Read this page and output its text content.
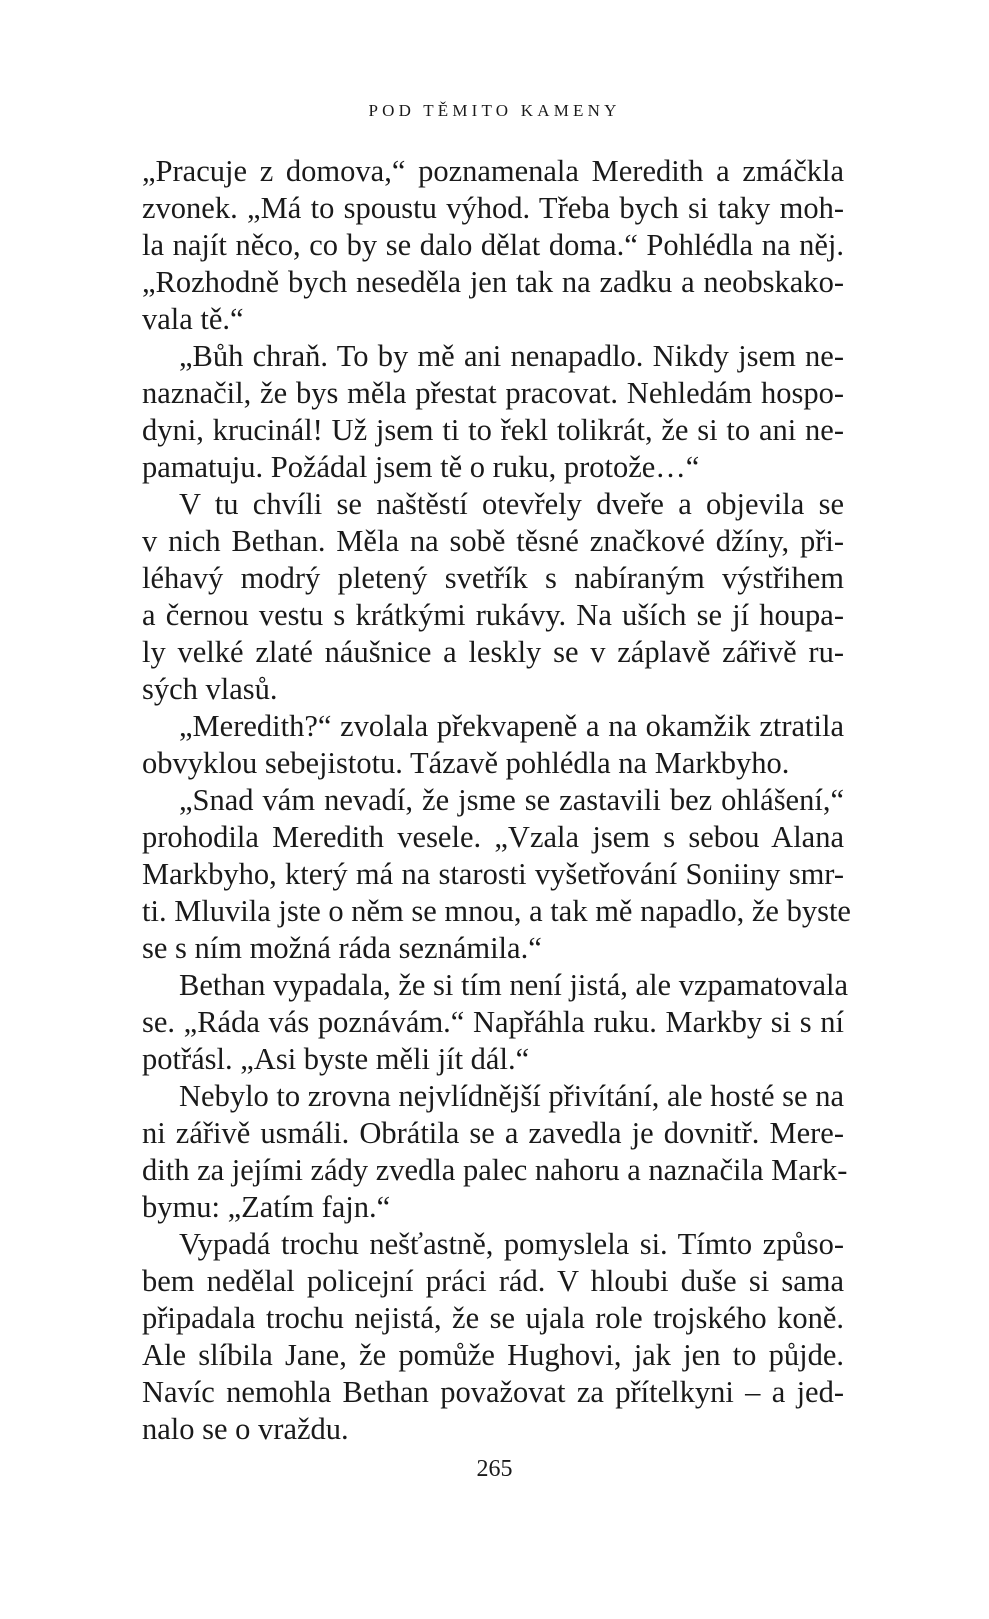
POD TĚMITO KAMENY
„Pracuje z domova,“ poznamenala Meredith a zmáčkla
zvonek. „Má to spoustu výhod. Třeba bych si taky moh-
la najít něco, co by se dalo dělat doma.“ Pohlédla na něj.
„Rozhodně bych neseděla jen tak na zadku a neobskako-
vala tě.“
„Bůh chraň. To by mě ani nenapadlo. Nikdy jsem ne-
naznačil, že bys měla přestat pracovat. Nehledám hospo-
dyni, krucinál! Už jsem ti to řekl tolikrát, že si to ani ne-
pamatuju. Požádal jsem tě o ruku, protože…“
V tu chvíli se naštěstí otevřely dveře a objevila se
v nich Bethan. Měla na sobě těsné značkové džíny, při-
léhavý modrý pletený svetřík s nabíraným výstřihem
a černou vestu s krátkými rukávy. Na uších se jí houpa-
ly velké zlaté náušnice a leskly se v záplavě zářivě ru-
sých vlasů.
„Meredith?“ zvolala překvapeně a na okamžik ztratila
obvyklou sebejistotu. Tázavě pohlédla na Markbyho.
„Snad vám nevadí, že jsme se zastavili bez ohlášení,“
prohodila Meredith vesele. „Vzala jsem s sebou Alana
Markbyho, který má na starosti vyšetřování Soniiny smr-
ti. Mluvila jste o něm se mnou, a tak mě napadlo, že byste
se s ním možná ráda seznámila.“
Bethan vypadala, že si tím není jistá, ale vzpamatovala
se. „Ráda vás poznávám.“ Napřáhla ruku. Markby si s ní
potřásl. „Asi byste měli jít dál.“
Nebylo to zrovna nejvlídnější přivítání, ale hosté se na
ni zářivě usmáli. Obrátila se a zavedla je dovnitř. Mere-
dith za jejími zády zvedla palec nahoru a naznačila Mark-
bymu: „Zatím fajn.“
Vypadá trochu nešťastně, pomyslela si. Tímto způso-
bem nedělal policejní práci rád. V hloubi duše si sama
připadala trochu nejistá, že se ujala role trojského koně.
Ale slíbila Jane, že pomůže Hughovi, jak jen to půjde.
Navíc nemohla Bethan považovat za přítelkyni – a jed-
nalo se o vraždu.
265
